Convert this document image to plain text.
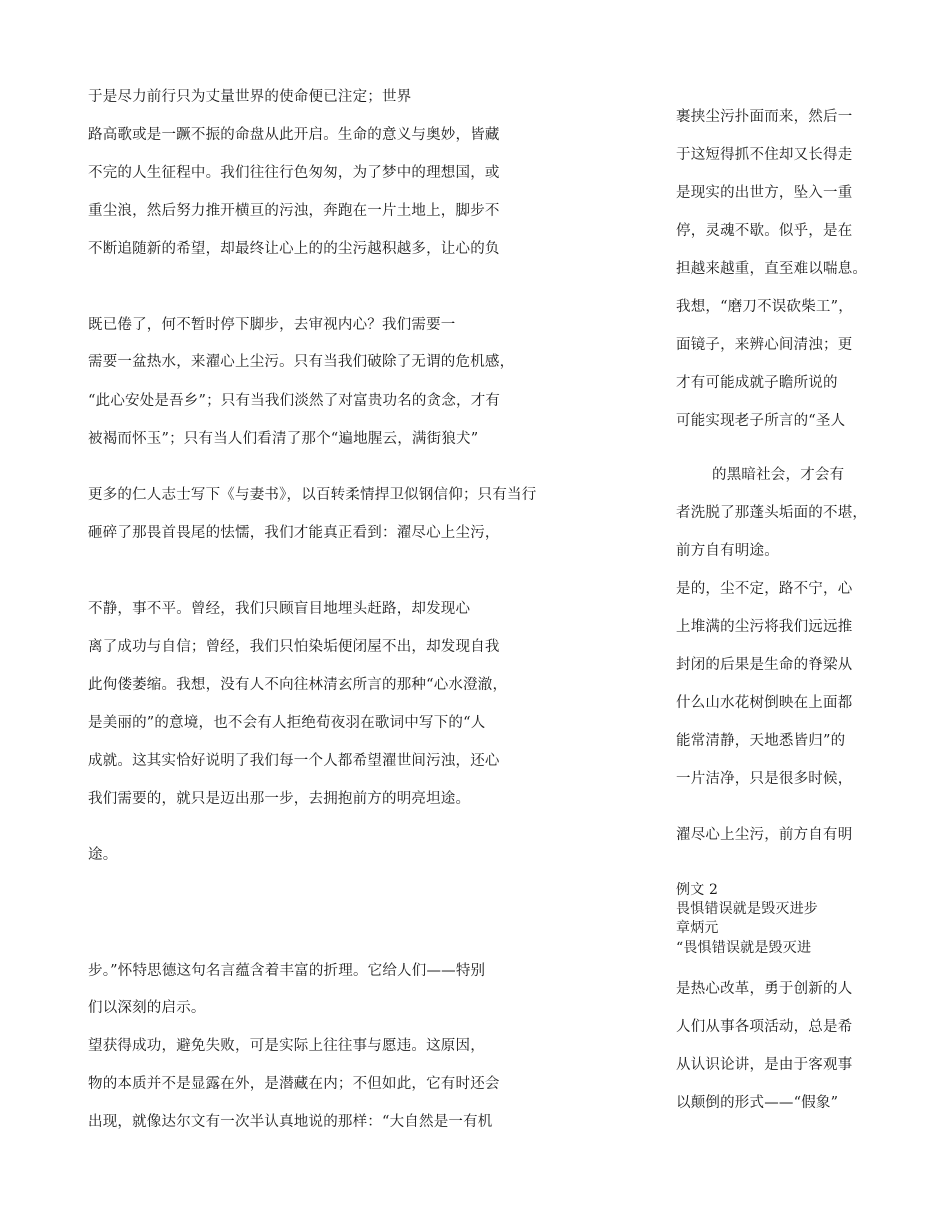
于是尽力前行只为丈量世界的使命便已注定；世界
路高歌或是一蹶不振的命盘从此开启。生命的意义与奥妙，皆藏
不完的人生征程中。我们往往行色匆匆，为了梦中的理想国，或
重尘浪，然后努力推开横亘的污浊，奔跑在一片土地上，脚步不
不断追随新的希望，却最终让心上的的尘污越积越多，让心的负
既已倦了，何不暂时停下脚步，去审视内心？我们需要一
需要一盆热水，来濯心上尘污。只有当我们破除了无谓的危机感，
“此心安处是吾乡”；只有当我们淡然了对富贵功名的贪念，才有
被褐而怀玉”；只有当人们看清了那个“遍地腥云，满街狼犬”
更多的仁人志士写下《与妻书》，以百转柔情捍卫似钢信仰；只有当行
砸碎了那畏首畏尾的怯懦，我们才能真正看到：濯尽心上尘污，
不静，事不平。曾经，我们只顾盲目地埋头赶路，却发现心
离了成功与自信；曾经，我们只怕染垢便闭屋不出，却发现自我
此佝偻萎缩。我想，没有人不向往林清玄所言的那种“心水澄澈，
是美丽的”的意境，也不会有人拒绝荀夜羽在歌词中写下的“人
成就。这其实恰好说明了我们每一个人都希望濯世间污浊，还心
我们需要的，就只是迈出那一步，去拥抱前方的明亮坦途。
途。
步。”怀特思德这句名言蕴含着丰富的折理。它给人们——特别
们以深刻的启示。
望获得成功，避免失败，可是实际上往往事与愿违。这原因，
物的本质并不是显露在外，是潜藏在内；不但如此，它有时还会
出现，就像达尔文有一次半认真地说的那样：“大自然是一有机
裹挟尘污扑面而来，然后一
于这短得抓不住却又长得走
是现实的出世方，坠入一重
停，灵魂不歇。似乎，是在
担越来越重，直至难以喘息。
我想，“磨刀不误砍柴工”，
面镜子，来辨心间清浊；更
才有可能成就子瞻所说的
可能实现老子所言的“圣人
者洗脱了那蓬头垢面的不堪，
前方自有明途。
是的，尘不定，路不宁，心
上堆满的尘污将我们远远推
封闭的后果是生命的脊梁从
什么山水花树倒映在上面都
能常清静，天地悉皆归”的
一片洁净，只是很多时候，
濯尽心上尘污，前方自有明
是热心改革，勇于创新的人
人们从事各项活动，总是希
从认识论讲，是由于客观事
以颠倒的形式——“假象”
的黑暗社会，才会有
例文 2
畏惧错误就是毁灭进步
章炳元
“畏惧错误就是毁灭进
